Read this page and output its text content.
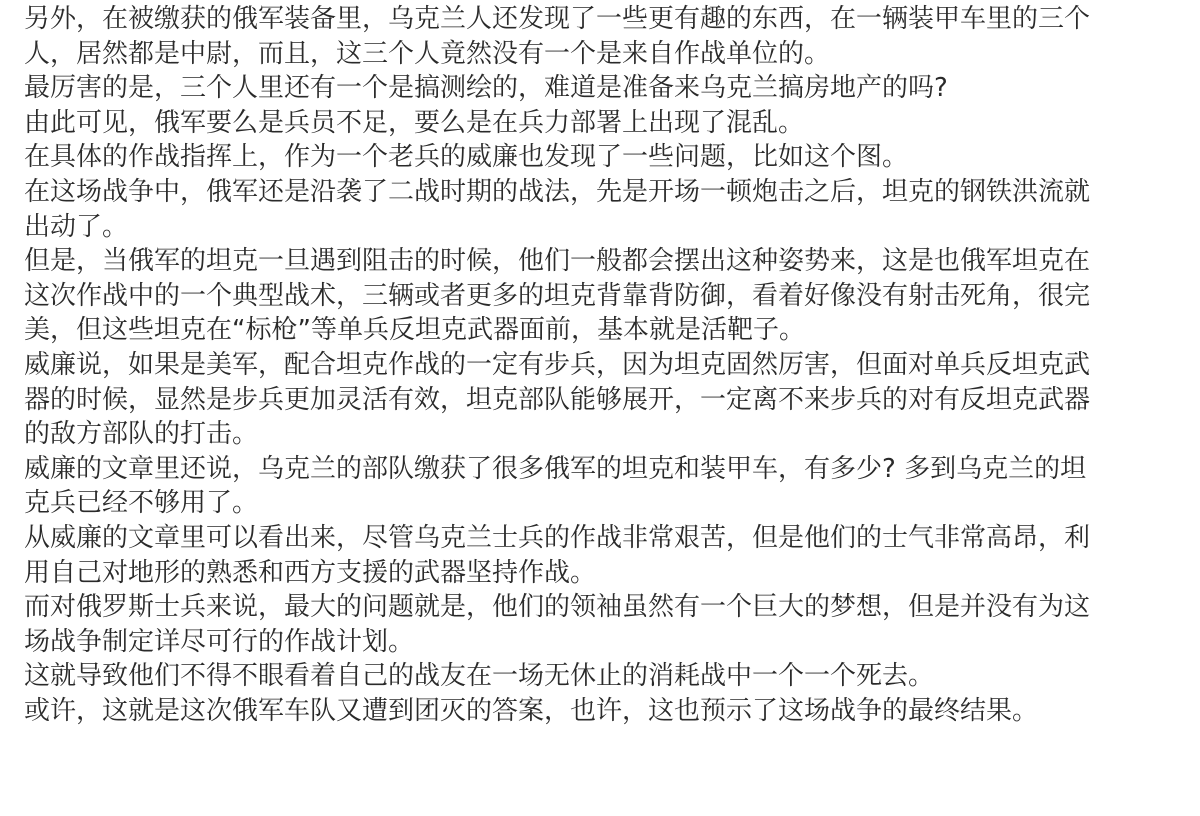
另外，在被缴获的俄军装备里，乌克兰人还发现了一些更有趣的东西，在一辆装甲车里的三个

人，居然都是中尉，而且，这三个人竟然没有一个是来自作战单位的。

最厉害的是，三个人里还有一个是搞测绘的，难道是准备来乌克兰搞房地产的吗?

由此可见，俄军要么是兵员不足，要么是在兵力部署上出现了混乱。

在具体的作战指挥上，作为一个老兵的威廉也发现了一些问题，比如这个图。

在这场战争中，俄军还是沿袭了二战时期的战法，先是开场一顿炮击之后，坦克的钢铁洪流就

出动了。

但是，当俄军的坦克一旦遇到阻击的时候，他们一般都会摆出这种姿势来，这是也俄军坦克在

这次作战中的一个典型战术，三辆或者更多的坦克背靠背防御，看着好像没有射击死角，很完

美，但这些坦克在“标枪”等单兵反坦克武器面前，基本就是活靶子。

威廉说，如果是美军，配合坦克作战的一定有步兵，因为坦克固然厉害，但面对单兵反坦克武

器的时候，显然是步兵更加灵活有效，坦克部队能够展开，一定离不来步兵的对有反坦克武器

的敌方部队的打击。

威廉的文章里还说，乌克兰的部队缴获了很多俄军的坦克和装甲车，有多少? 多到乌克兰的坦

克兵已经不够用了。

从威廉的文章里可以看出来，尽管乌克兰士兵的作战非常艰苦，但是他们的士气非常高昂，利

用自己对地形的熟悉和西方支援的武器坚持作战。

而对俄罗斯士兵来说，最大的问题就是，他们的领袖虽然有一个巨大的梦想，但是并没有为这

场战争制定详尽可行的作战计划。

这就导致他们不得不眼看着自己的战友在一场无休止的消耗战中一个一个死去。

或许，这就是这次俄军车队又遭到团灭的答案，也许，这也预示了这场战争的最终结果。
